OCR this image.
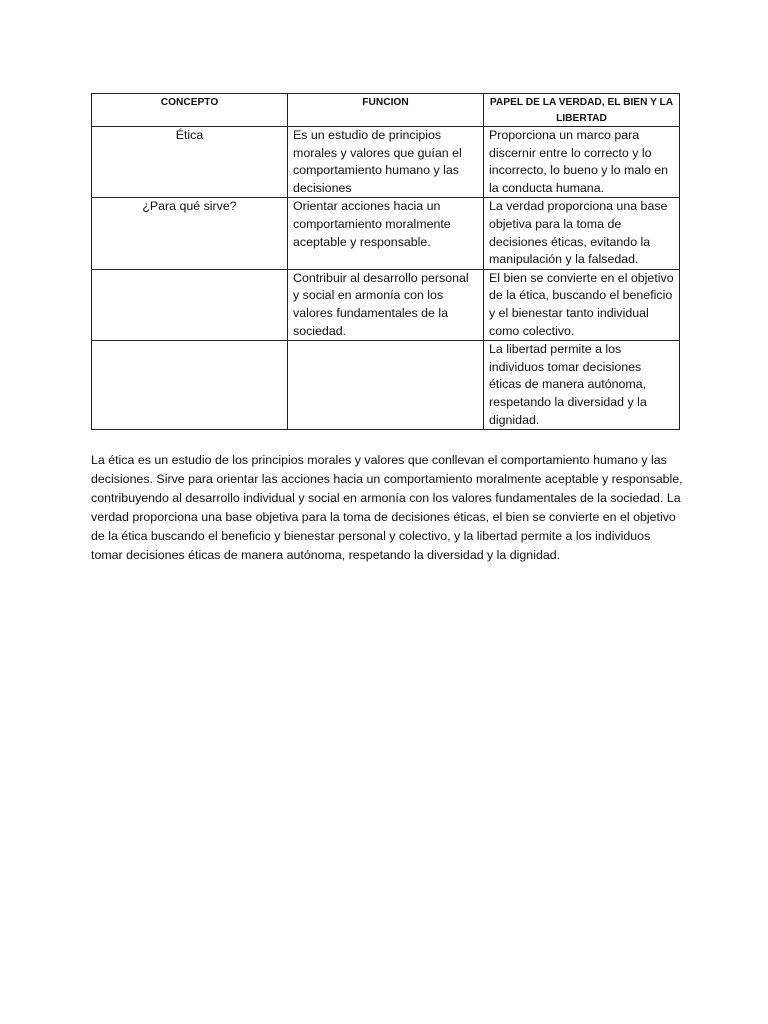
CONCEPTO	FUNCION	PAPEL DE LA VERDAD, EL BIEN Y LA LIBERTAD
Ética	Es un estudio de principios morales y valores que guían el comportamiento humano y las decisiones	Proporciona un marco para discernir entre lo correcto y lo incorrecto, lo bueno y lo malo en la conducta humana.
¿Para qué sirve?	Orientar acciones hacia un comportamiento moralmente aceptable y responsable.	La verdad proporciona una base objetiva para la toma de decisiones éticas, evitando la manipulación y la falsedad.
	Contribuir al desarrollo personal y social en armonía con los valores fundamentales de la sociedad.	El bien se convierte en el objetivo de la ética, buscando el beneficio y el bienestar tanto individual como colectivo.
		La libertad permite a los individuos tomar decisiones éticas de manera autónoma, respetando la diversidad y la dignidad.

La ética es un estudio de los principios morales y valores que conllevan el comportamiento humano y las decisiones. Sirve para orientar las acciones hacia un comportamiento moralmente aceptable y responsable, contribuyendo al desarrollo individual y social en armonía con los valores fundamentales de la sociedad. La verdad proporciona una base objetiva para la toma de decisiones éticas, el bien se convierte en el objetivo de la ética buscando el beneficio y bienestar personal y colectivo, y la libertad permite a los individuos tomar decisiones éticas de manera autónoma, respetando la diversidad y la dignidad.
